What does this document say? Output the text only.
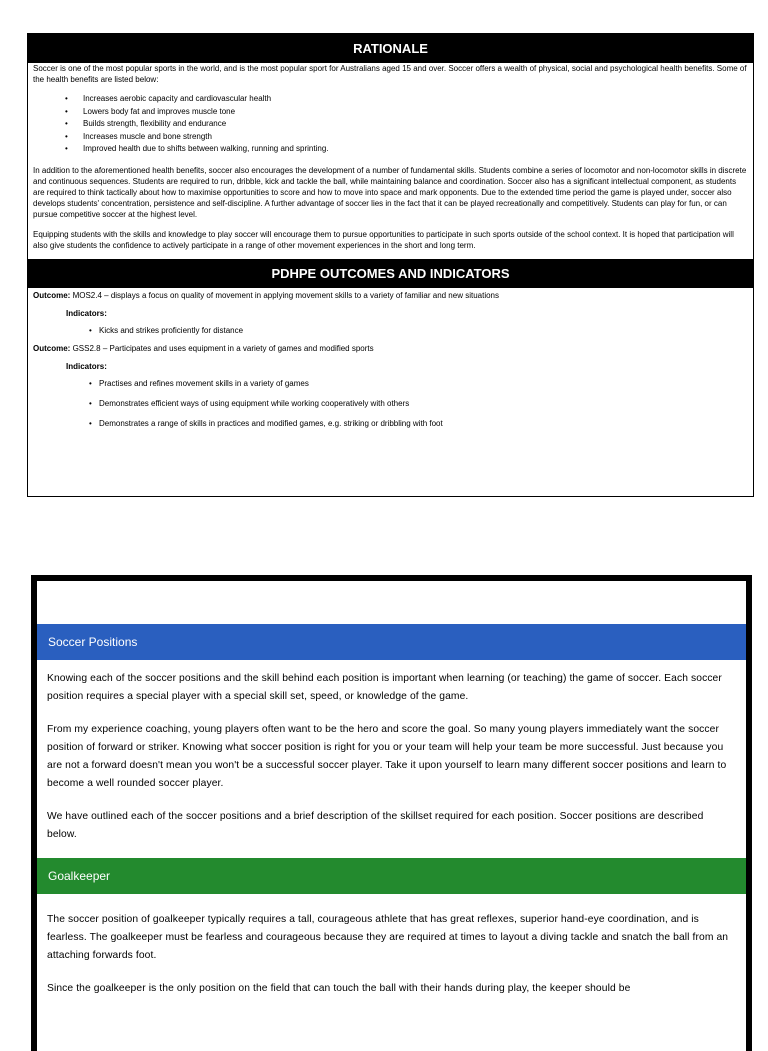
RATIONALE

Soccer is one of the most popular sports in the world, and is the most popular sport for Australians aged 15 and over. Soccer offers a wealth of physical, social and psychological health benefits. Some of the health benefits are listed below:

• Increases aerobic capacity and cardiovascular health
• Lowers body fat and improves muscle tone
• Builds strength, flexibility and endurance
• Increases muscle and bone strength
• Improved health due to shifts between walking, running and sprinting.

In addition to the aforementioned health benefits, soccer also encourages the development of a number of fundamental skills. Students combine a series of locomotor and non-locomotor skills in discrete and continuous sequences. Students are required to run, dribble, kick and tackle the ball, while maintaining balance and coordination. Soccer also has a significant intellectual component, as students are required to think tactically about how to maximise opportunities to score and how to move into space and mark opponents. Due to the extended time period the game is played under, soccer also develops students' concentration, persistence and self-discipline. A further advantage of soccer lies in the fact that it can be played recreationally and competitively. Students can play for fun, or can pursue competitive soccer at the highest level.

Equipping students with the skills and knowledge to play soccer will encourage them to pursue opportunities to participate in such sports outside of the school context. It is hoped that participation will also give students the confidence to actively participate in a range of other movement experiences in the short and long term.

PDHPE OUTCOMES AND INDICATORS

Outcome: MOS2.4 – displays a focus on quality of movement in applying movement skills to a variety of familiar and new situations

Indicators:
• Kicks and strikes proficiently for distance

Outcome: GSS2.8 – Participates and uses equipment in a variety of games and modified sports

Indicators:
• Practises and refines movement skills in a variety of games
• Demonstrates efficient ways of using equipment while working cooperatively with others
• Demonstrates a range of skills in practices and modified games, e.g. striking or dribbling with foot
Soccer Positions

Knowing each of the soccer positions and the skill behind each position is important when learning (or teaching) the game of soccer. Each soccer position requires a special player with a special skill set, speed, or knowledge of the game.

From my experience coaching, young players often want to be the hero and score the goal. So many young players immediately want the soccer position of forward or striker. Knowing what soccer position is right for you or your team will help your team be more successful. Just because you are not a forward doesn't mean you won't be a successful soccer player. Take it upon yourself to learn many different soccer positions and learn to become a well rounded soccer player.

We have outlined each of the soccer positions and a brief description of the skillset required for each position. Soccer positions are described below.

Goalkeeper

The soccer position of goalkeeper typically requires a tall, courageous athlete that has great reflexes, superior hand-eye coordination, and is fearless. The goalkeeper must be fearless and courageous because they are required at times to layout a diving tackle and snatch the ball from an attaching forwards foot.

Since the goalkeeper is the only position on the field that can touch the ball with their hands during play, the keeper should be
